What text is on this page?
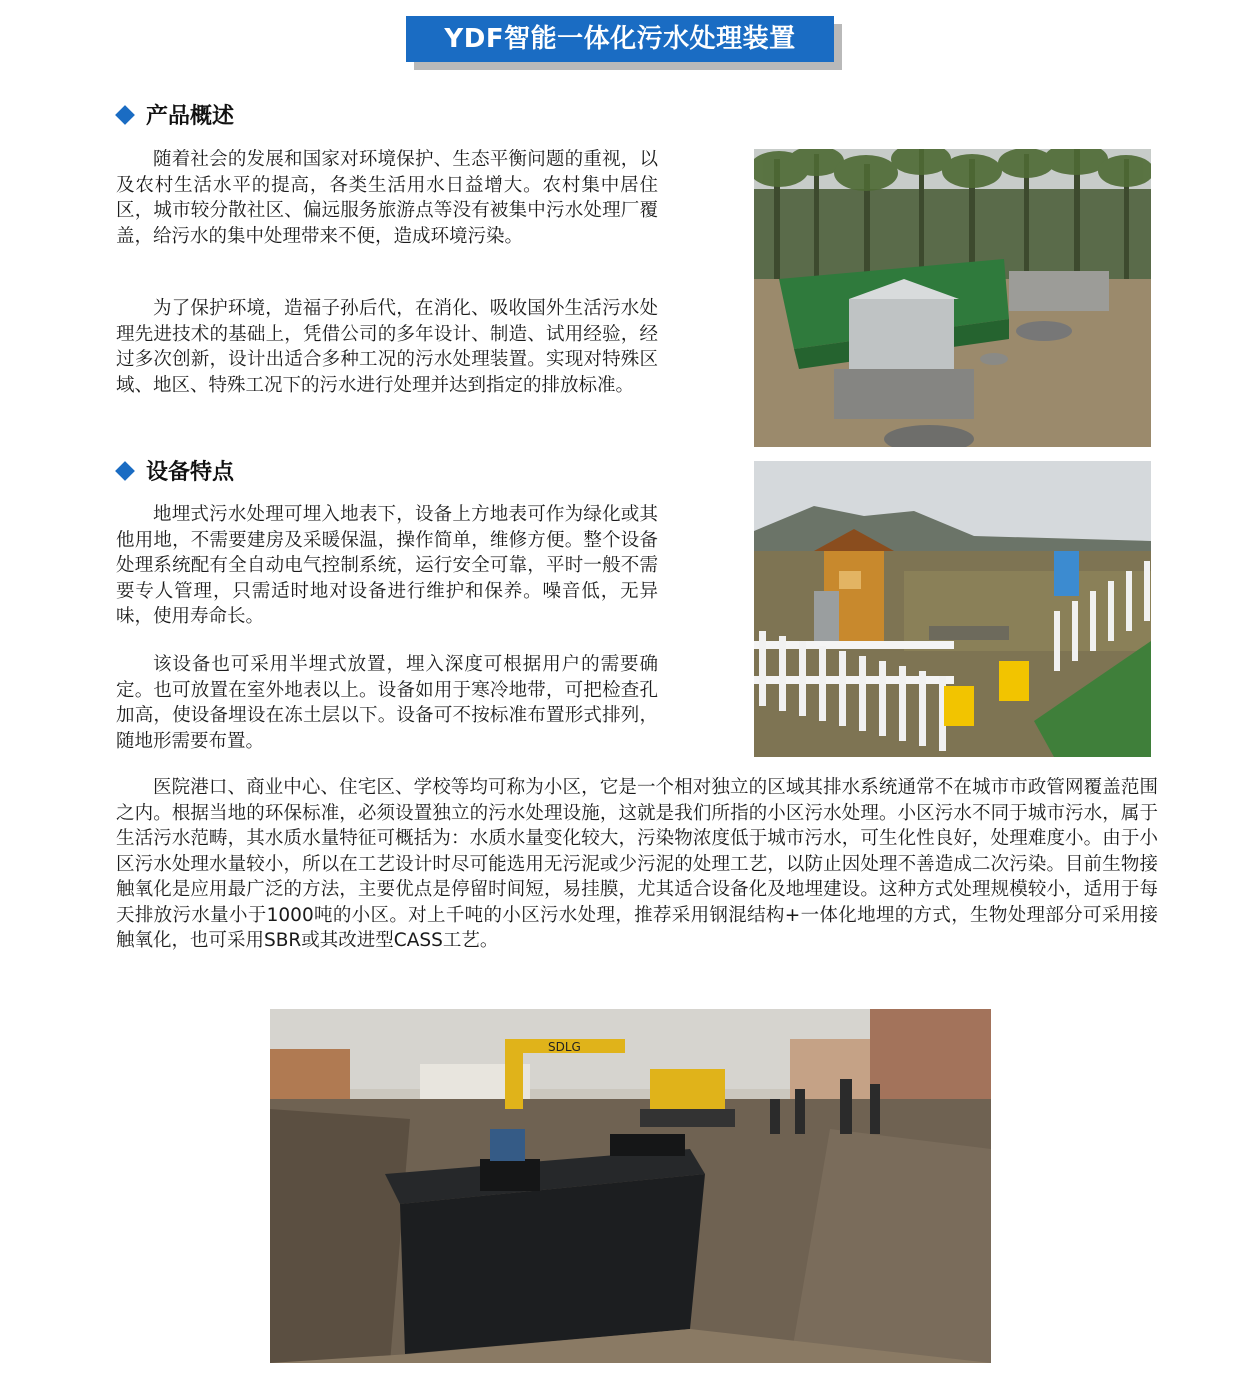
YDF智能一体化污水处理装置
产品概述

随着社会的发展和国家对环境保护、生态平衡问题的重视，以及农村生活水平的提高，各类生活用水日益增大。农村集中居住区，城市较分散社区、偏远服务旅游点等没有被集中污水处理厂覆盖，给污水的集中处理带来不便，造成环境污染。

为了保护环境，造福子孙后代，在消化、吸收国外生活污水处理先进技术的基础上，凭借公司的多年设计、制造、试用经验，经过多次创新，设计出适合多种工况的污水处理装置。实现对特殊区域、地区、特殊工况下的污水进行处理并达到指定的排放标准。

设备特点

地埋式污水处理可埋入地表下，设备上方地表可作为绿化或其他用地，不需要建房及采暖保温，操作简单，维修方便。整个设备处理系统配有全自动电气控制系统，运行安全可靠，平时一般不需要专人管理，只需适时地对设备进行维护和保养。噪音低，无异味，使用寿命长。

该设备也可采用半埋式放置，埋入深度可根据用户的需要确定。也可放置在室外地表以上。设备如用于寒冷地带，可把检查孔加高，使设备埋设在冻土层以下。设备可不按标准布置形式排列，随地形需要布置。

医院港口、商业中心、住宅区、学校等均可称为小区，它是一个相对独立的区域其排水系统通常不在城市市政管网覆盖范围之内。根据当地的环保标准，必须设置独立的污水处理设施，这就是我们所指的小区污水处理。小区污水不同于城市污水，属于生活污水范畴，其水质水量特征可概括为：水质水量变化较大，污染物浓度低于城市污水，可生化性良好，处理难度小。由于小区污水处理水量较小，所以在工艺设计时尽可能选用无污泥或少污泥的处理工艺，以防止因处理不善造成二次污染。目前生物接触氧化是应用最广泛的方法，主要优点是停留时间短，易挂膜，尤其适合设备化及地埋建设。这种方式处理规模较小，适用于每天排放污水量小于1000吨的小区。对上千吨的小区污水处理，推荐采用钢混结构+一体化地埋的方式，生物处理部分可采用接触氧化，也可采用SBR或其改进型CASS工艺。

SDLG
